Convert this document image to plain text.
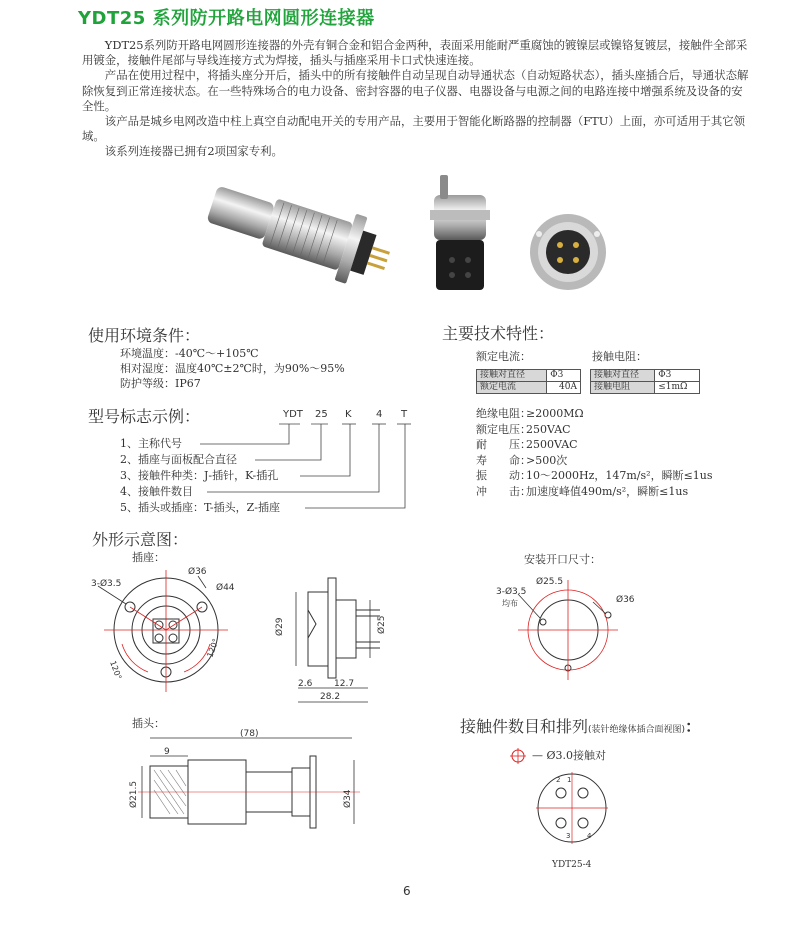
YDT25 系列防开路电网圆形连接器

YDT25系列防开路电网圆形连接器的外壳有铜合金和铝合金两种，表面采用能耐严重腐蚀的镀镍层或镍铬复镀层，接触件全部采用镀金，接触件尾部与导线连接方式为焊接，插头与插座采用卡口式快速连接。

产品在使用过程中，将插头座分开后，插头中的所有接触件自动呈现自动导通状态（自动短路状态），插头座插合后，导通状态解除恢复到正常连接状态。在一些特殊场合的电力设备、密封容器的电子仪器、电器设备与电源之间的电路连接中增强系统及设备的安全性。

该产品是城乡电网改造中柱上真空自动配电开关的专用产品，主要用于智能化断路器的控制器（FTU）上面，亦可适用于其它领域。

该系列连接器已拥有2项国家专利。

使用环境条件：
环境温度：-40℃～+105℃
相对湿度：温度40℃±2℃时，为90%～95%
防护等级：IP67
主要技术特性：
额定电流：	接触电阻：
接触对直径	Φ3
额定电流	40A
接触对直径	Φ3
接触电阻	≤1mΩ
绝缘电阻：≥2000MΩ
额定电压：250VAC
耐　　压：2500VAC
寿　　命：>500次
振　　动：10～2000Hz，147m/s²，瞬断≤1us
冲　　击：加速度峰值490m/s²，瞬断≤1us
型号标志示例：	YDT 25 K 4 T
1、主称代号
2、插座与面板配合直径
3、接触件种类：J-插针，K-插孔
4、接触件数目
5、插头或插座：T-插头，Z-插座
外形示意图：
插座：	安装开口尺寸：
插头：
3-Ø3.5
Ø36
Ø44
120°
120°
Ø29	Ø25
2.6 12.7
28.2
3-Ø3.5
均布
Ø25.5
Ø36
(78)
9
Ø21.5	Ø34
接触件数目和排列(装针绝缘体插合面视图)：
— Ø3.0接触对
1
2
3 4
YDT25-4
6
